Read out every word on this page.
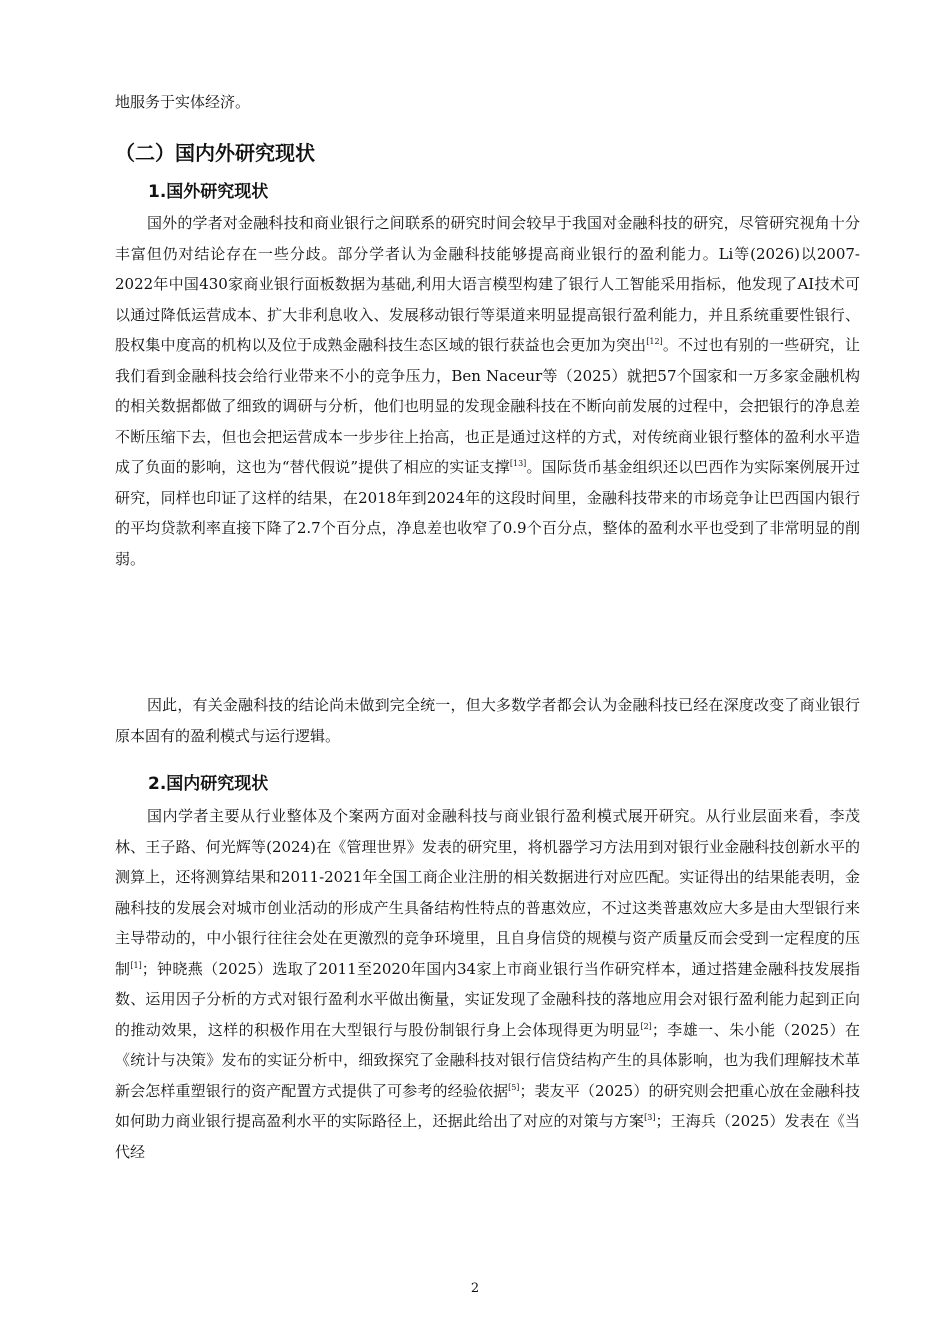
地服务于实体经济。

（二）国内外研究现状
1.国外研究现状

国外的学者对金融科技和商业银行之间联系的研究时间会较早于我国对金融科技的研究，尽管研究视角十分丰富但仍对结论存在一些分歧。部分学者认为金融科技能够提高商业银行的盈利能力。Li等(2026)以2007-2022年中国430家商业银行面板数据为基础,利用大语言模型构建了银行人工智能采用指标，他发现了AI技术可以通过降低运营成本、扩大非利息收入、发展移动银行等渠道来明显提高银行盈利能力，并且系统重要性银行、股权集中度高的机构以及位于成熟金融科技生态区域的银行获益也会更加为突出[12]。不过也有别的一些研究，让我们看到金融科技会给行业带来不小的竞争压力，Ben Naceur等（2025）就把57个国家和一万多家金融机构的相关数据都做了细致的调研与分析，他们也明显的发现金融科技在不断向前发展的过程中，会把银行的净息差不断压缩下去，但也会把运营成本一步步往上抬高，也正是通过这样的方式，对传统商业银行整体的盈利水平造成了负面的影响，这也为“替代假说”提供了相应的实证支撑[13]。国际货币基金组织还以巴西作为实际案例展开过研究，同样也印证了这样的结果，在2018年到2024年的这段时间里，金融科技带来的市场竞争让巴西国内银行的平均贷款利率直接下降了2.7个百分点，净息差也收窄了0.9个百分点，整体的盈利水平也受到了非常明显的削弱。

因此，有关金融科技的结论尚未做到完全统一，但大多数学者都会认为金融科技已经在深度改变了商业银行原本固有的盈利模式与运行逻辑。

2.国内研究现状

国内学者主要从行业整体及个案两方面对金融科技与商业银行盈利模式展开研究。从行业层面来看，李茂林、王子路、何光辉等(2024)在《管理世界》发表的研究里，将机器学习方法用到对银行业金融科技创新水平的测算上，还将测算结果和2011-2021年全国工商企业注册的相关数据进行对应匹配。实证得出的结果能表明，金融科技的发展会对城市创业活动的形成产生具备结构性特点的普惠效应，不过这类普惠效应大多是由大型银行来主导带动的，中小银行往往会处在更激烈的竞争环境里，且自身信贷的规模与资产质量反而会受到一定程度的压制[1]；钟晓燕（2025）选取了2011至2020年国内34家上市商业银行当作研究样本，通过搭建金融科技发展指数、运用因子分析的方式对银行盈利水平做出衡量，实证发现了金融科技的落地应用会对银行盈利能力起到正向的推动效果，这样的积极作用在大型银行与股份制银行身上会体现得更为明显[2]；李雄一、朱小能（2025）在《统计与决策》发布的实证分析中，细致探究了金融科技对银行信贷结构产生的具体影响，也为我们理解技术革新会怎样重塑银行的资产配置方式提供了可参考的经验依据[5]；裴友平（2025）的研究则会把重心放在金融科技如何助力商业银行提高盈利水平的实际路径上，还据此给出了对应的对策与方案[3]；王海兵（2025）发表在《当代经

2
